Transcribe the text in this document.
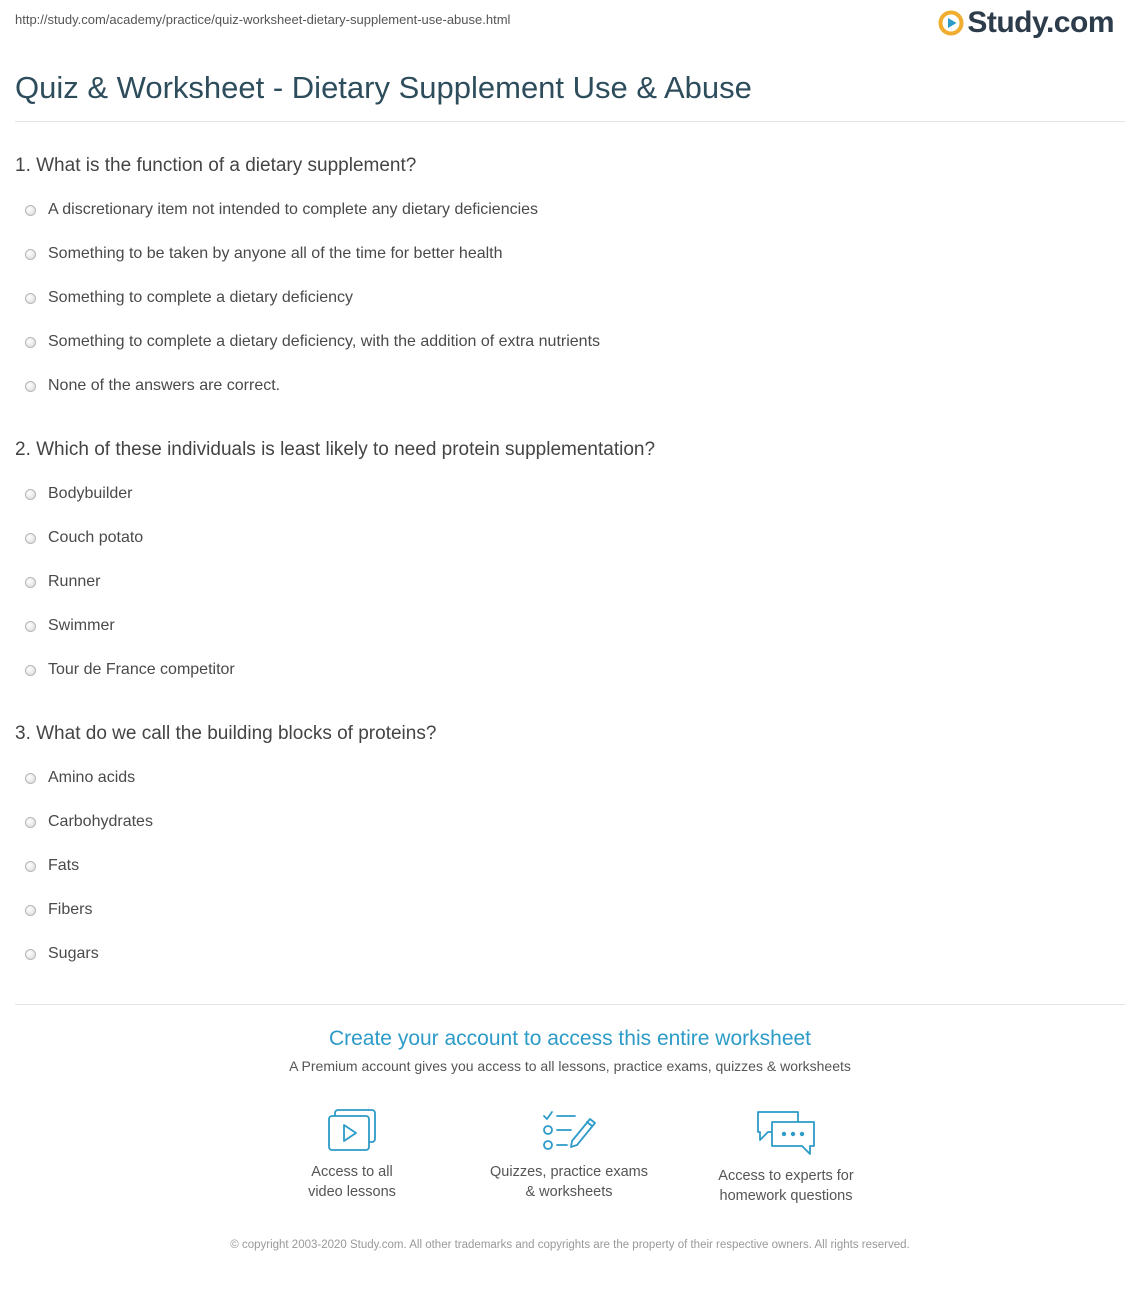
http://study.com/academy/practice/quiz-worksheet-dietary-supplement-use-abuse.html	Study.com
Quiz & Worksheet - Dietary Supplement Use & Abuse
1. What is the function of a dietary supplement?
A discretionary item not intended to complete any dietary deficiencies
Something to be taken by anyone all of the time for better health
Something to complete a dietary deficiency
Something to complete a dietary deficiency, with the addition of extra nutrients
None of the answers are correct.
2. Which of these individuals is least likely to need protein supplementation?
Bodybuilder
Couch potato
Runner
Swimmer
Tour de France competitor
3. What do we call the building blocks of proteins?
Amino acids
Carbohydrates
Fats
Fibers
Sugars
Create your account to access this entire worksheet
A Premium account gives you access to all lessons, practice exams, quizzes & worksheets
Access to all
video lessons
Quizzes, practice exams
& worksheets
Access to experts for
homework questions
© copyright 2003-2020 Study.com. All other trademarks and copyrights are the property of their respective owners. All rights reserved.
